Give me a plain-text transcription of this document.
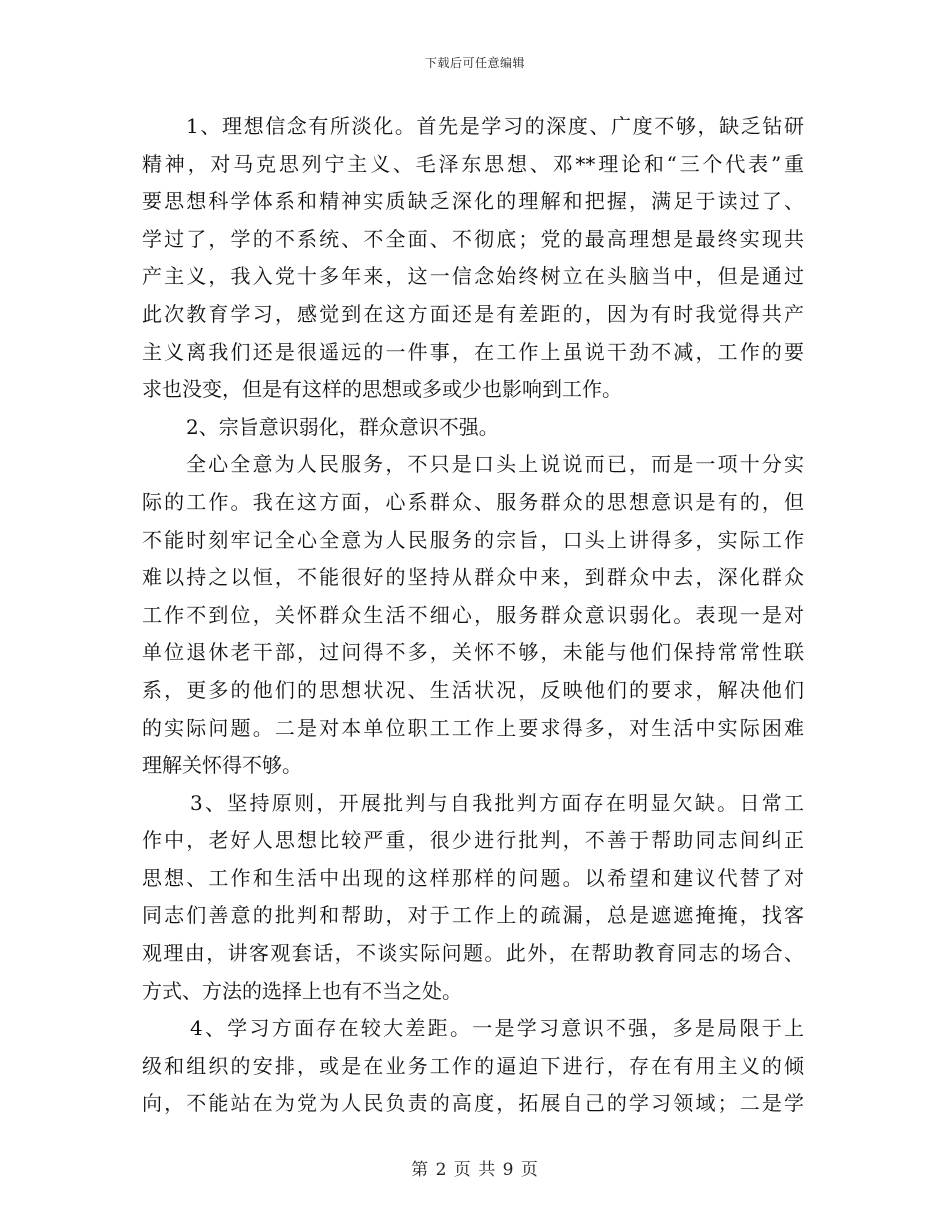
下载后可任意编辑
1、理想信念有所淡化。首先是学习的深度、广度不够，缺乏钻研
精神，对马克思列宁主义、毛泽东思想、邓**理论和“三个代表”重
要思想科学体系和精神实质缺乏深化的理解和把握，满足于读过了、
学过了，学的不系统、不全面、不彻底；党的最高理想是最终实现共
产主义，我入党十多年来，这一信念始终树立在头脑当中，但是通过
此次教育学习，感觉到在这方面还是有差距的，因为有时我觉得共产
主义离我们还是很遥远的一件事，在工作上虽说干劲不减，工作的要
求也没变，但是有这样的思想或多或少也影响到工作。
2、宗旨意识弱化，群众意识不强。
全心全意为人民服务，不只是口头上说说而已，而是一项十分实
际的工作。我在这方面，心系群众、服务群众的思想意识是有的，但
不能时刻牢记全心全意为人民服务的宗旨，口头上讲得多，实际工作
难以持之以恒，不能很好的坚持从群众中来，到群众中去，深化群众
工作不到位，关怀群众生活不细心，服务群众意识弱化。表现一是对
单位退休老干部，过问得不多，关怀不够，未能与他们保持常常性联
系，更多的他们的思想状况、生活状况，反映他们的要求，解决他们
的实际问题。二是对本单位职工工作上要求得多，对生活中实际困难
理解关怀得不够。
3、坚持原则，开展批判与自我批判方面存在明显欠缺。日常工
作中，老好人思想比较严重，很少进行批判，不善于帮助同志间纠正
思想、工作和生活中出现的这样那样的问题。以希望和建议代替了对
同志们善意的批判和帮助，对于工作上的疏漏，总是遮遮掩掩，找客
观理由，讲客观套话，不谈实际问题。此外，在帮助教育同志的场合、
方式、方法的选择上也有不当之处。
4、学习方面存在较大差距。一是学习意识不强，多是局限于上
级和组织的安排，或是在业务工作的逼迫下进行，存在有用主义的倾
向，不能站在为党为人民负责的高度，拓展自己的学习领域；二是学
第 2 页 共 9 页
